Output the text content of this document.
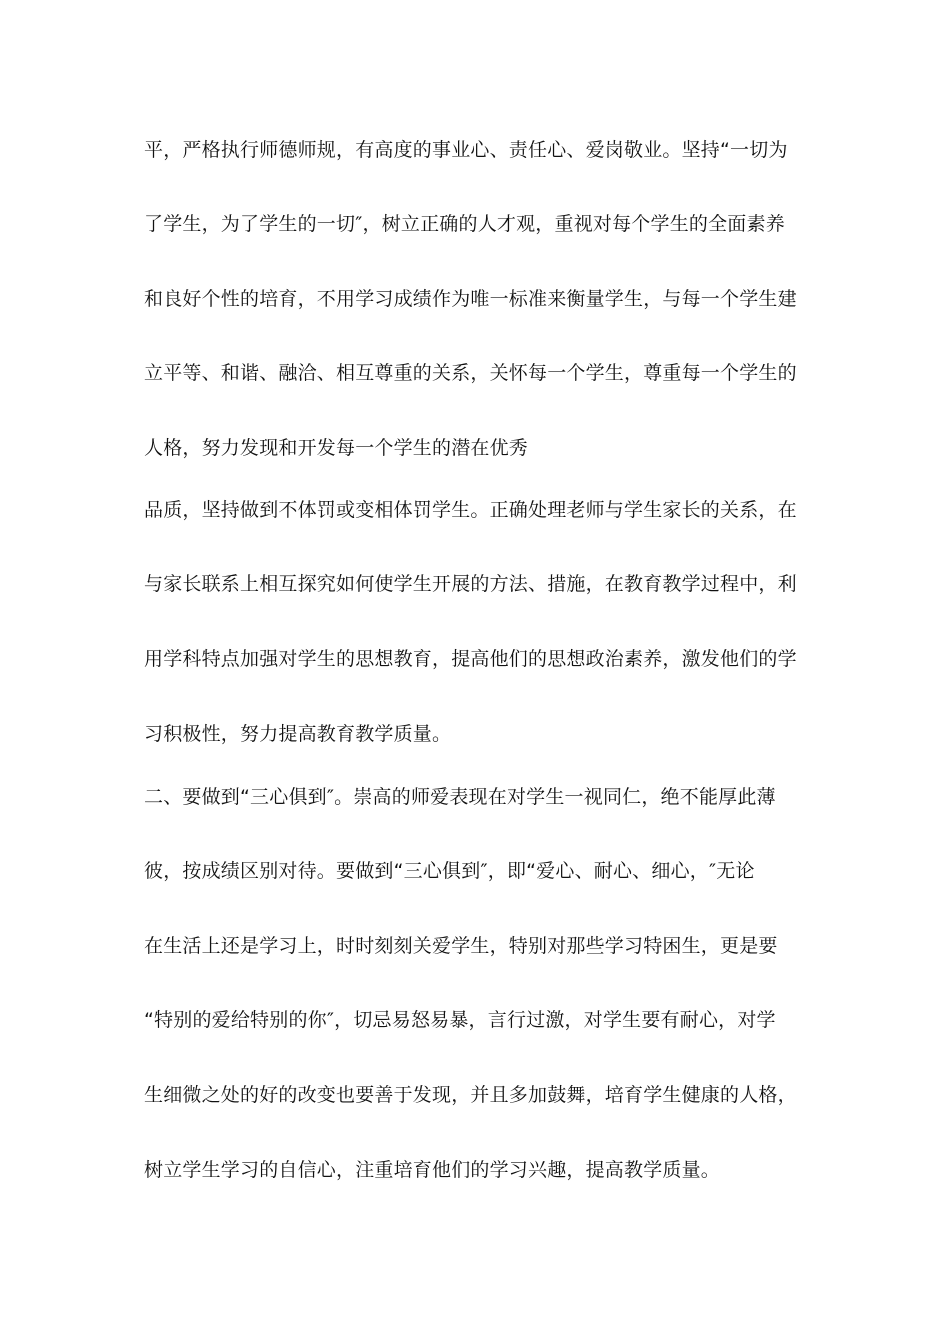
平，严格执行师德师规，有高度的事业心、责任心、爱岗敬业。坚持“一切为
了学生，为了学生的一切″，树立正确的人才观，重视对每个学生的全面素养
和良好个性的培育，不用学习成绩作为唯一标准来衡量学生，与每一个学生建
立平等、和谐、融洽、相互尊重的关系，关怀每一个学生，尊重每一个学生的
人格，努力发现和开发每一个学生的潜在优秀
品质，坚持做到不体罚或变相体罚学生。正确处理老师与学生家长的关系，在
与家长联系上相互探究如何使学生开展的方法、措施，在教育教学过程中，利
用学科特点加强对学生的思想教育，提高他们的思想政治素养，激发他们的学
习积极性，努力提高教育教学质量。
二、要做到“三心俱到″。崇高的师爱表现在对学生一视同仁，绝不能厚此薄
彼，按成绩区别对待。要做到“三心俱到″，即“爱心、耐心、细心，″无论
在生活上还是学习上，时时刻刻关爱学生，特别对那些学习特困生，更是要
“特别的爱给特别的你″，切忌易怒易暴，言行过激，对学生要有耐心，对学
生细微之处的好的改变也要善于发现，并且多加鼓舞，培育学生健康的人格，
树立学生学习的自信心，注重培育他们的学习兴趣，提高教学质量。
